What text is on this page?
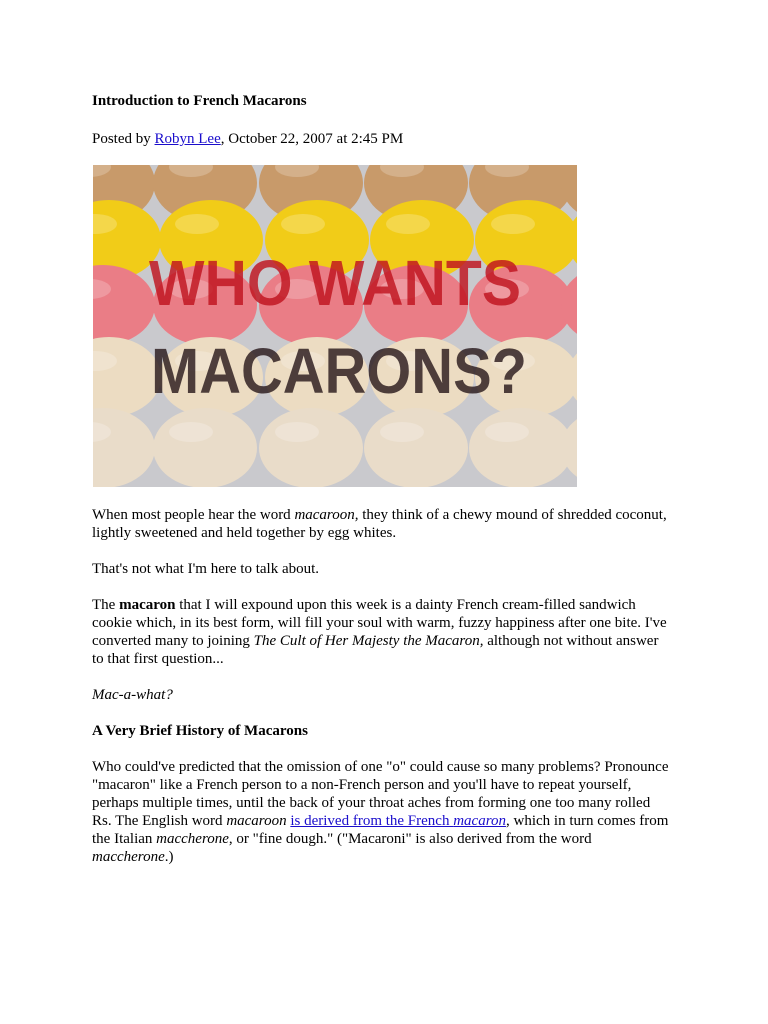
Introduction to French Macarons

Posted by Robyn Lee, October 22, 2007 at 2:45 PM

WHO WANTS
MACARONS?

When most people hear the word macaroon, they think of a chewy mound of shredded coconut, lightly sweetened and held together by egg whites.

That's not what I'm here to talk about.

The macaron that I will expound upon this week is a dainty French cream-filled sandwich cookie which, in its best form, will fill your soul with warm, fuzzy happiness after one bite. I've converted many to joining The Cult of Her Majesty the Macaron, although not without answer to that first question...

Mac-a-what?

A Very Brief History of Macarons

Who could've predicted that the omission of one "o" could cause so many problems? Pronounce "macaron" like a French person to a non-French person and you'll have to repeat yourself, perhaps multiple times, until the back of your throat aches from forming one too many rolled Rs. The English word macaroon is derived from the French macaron, which in turn comes from the Italian maccherone, or "fine dough." ("Macaroni" is also derived from the word maccherone.)
